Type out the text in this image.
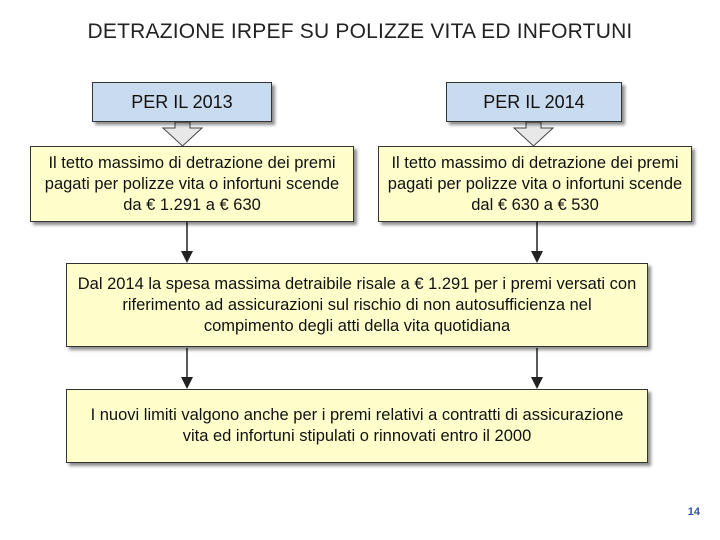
DETRAZIONE IRPEF SU POLIZZE VITA ED INFORTUNI
PER IL 2013	PER IL 2014
Il tetto massimo di detrazione dei premi pagati per polizze vita o infortuni scende da € 1.291 a € 630
Il tetto massimo di detrazione dei premi pagati per polizze vita o infortuni scende dal € 630 a € 530
Dal 2014 la spesa massima detraibile risale a € 1.291 per i premi versati con riferimento ad assicurazioni sul rischio di non autosufficienza nel compimento degli atti della vita quotidiana
I nuovi limiti valgono anche per i premi relativi a contratti di assicurazione vita ed infortuni stipulati o rinnovati entro il 2000
14
